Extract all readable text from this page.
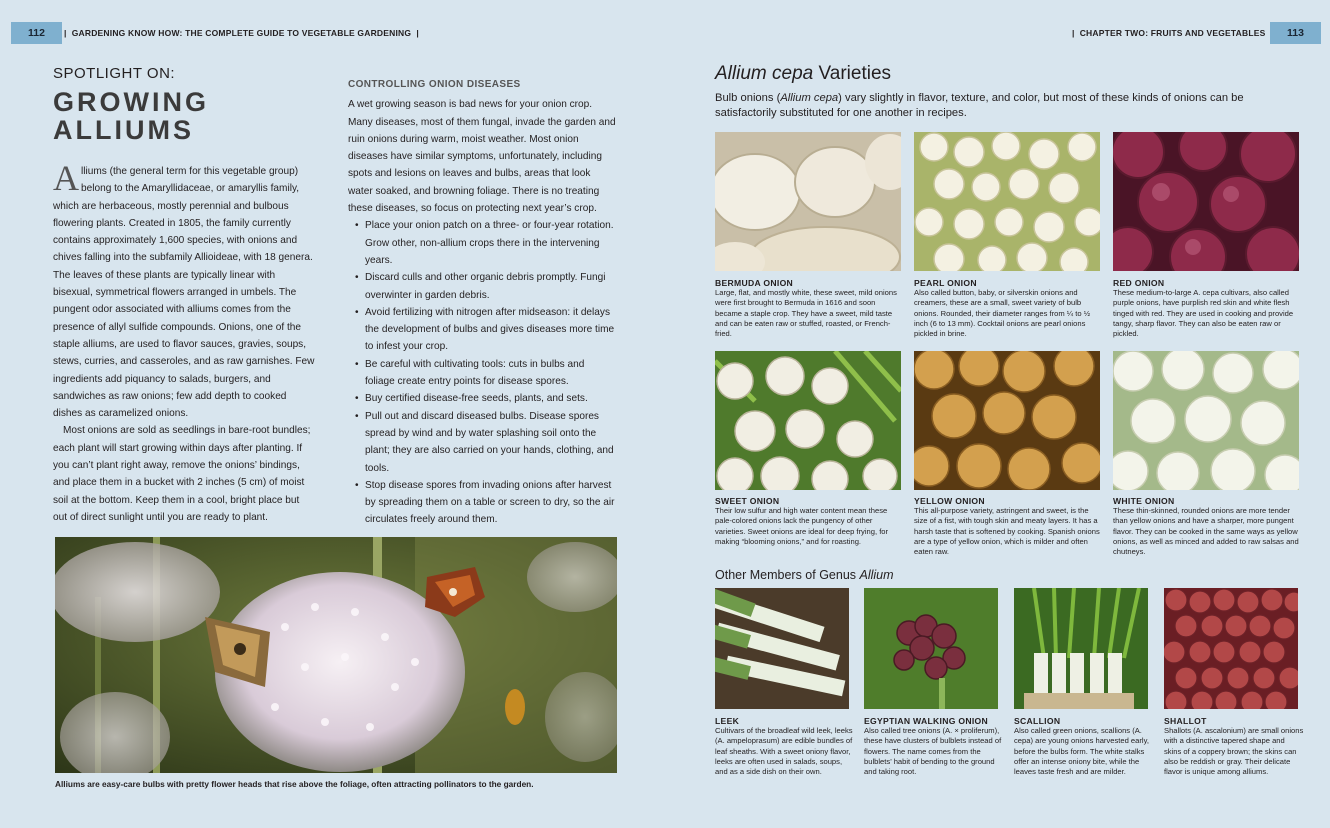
112	| GARDENING KNOW HOW: THE COMPLETE GUIDE TO VEGETABLE GARDENING |	| CHAPTER TWO: FRUITS AND VEGETABLES	113
SPOTLIGHT ON:
GROWING
ALLIUMS

Alliums (the general term for this vegetable group) belong to the Amaryllidaceae, or amaryllis family, which are herbaceous, mostly perennial and bulbous flowering plants. Created in 1805, the family currently contains approximately 1,600 species, with onions and chives falling into the subfamily Allioideae, with 18 genera. The leaves of these plants are typically linear with bisexual, symmetrical flowers arranged in umbels. The pungent odor associated with alliums comes from the presence of allyl sulfide compounds. Onions, one of the staple alliums, are used to flavor sauces, gravies, soups, stews, curries, and casseroles, and as raw garnishes. Few ingredients add piquancy to salads, burgers, and sandwiches as raw onions; few add depth to cooked dishes as caramelized onions.

Most onions are sold as seedlings in bare-root bundles; each plant will start growing within days after planting. If you can’t plant right away, remove the onions’ bindings, and place them in a bucket with 2 inches (5 cm) of moist soil at the bottom. Keep them in a cool, bright place but out of direct sunlight until you are ready to plant.

CONTROLLING ONION DISEASES

A wet growing season is bad news for your onion crop. Many diseases, most of them fungal, invade the garden and ruin onions during warm, moist weather. Most onion diseases have similar symptoms, unfortunately, including spots and lesions on leaves and bulbs, areas that look water soaked, and browning foliage. There is no treating these diseases, so focus on protecting next year’s crop.

• Place your onion patch on a three- or four-year rotation. Grow other, non-allium crops there in the intervening years.
• Discard culls and other organic debris promptly. Fungi overwinter in garden debris.
• Avoid fertilizing with nitrogen after midseason: it delays the development of bulbs and gives diseases more time to infest your crop.
• Be careful with cultivating tools: cuts in bulbs and foliage create entry points for disease spores.
• Buy certified disease-free seeds, plants, and sets.
• Pull out and discard diseased bulbs. Disease spores spread by wind and by water splashing soil onto the plant; they are also carried on your hands, clothing, and tools.
• Stop disease spores from invading onions after harvest by spreading them on a table or screen to dry, so the air circulates freely around them.
Alliums are easy-care bulbs with pretty flower heads that rise above the foliage, often attracting pollinators to the garden.
Allium cepa Varieties
Bulb onions (Allium cepa) vary slightly in flavor, texture, and color, but most of these kinds of onions can be satisfactorily substituted for one another in recipes.
BERMUDA ONION
Large, flat, and mostly white, these sweet, mild onions were first brought to Bermuda in 1616 and soon became a staple crop. They have a sweet, mild taste and can be eaten raw or stuffed, roasted, or French-fried.
PEARL ONION
Also called button, baby, or silverskin onions and creamers, these are a small, sweet variety of bulb onions. Rounded, their diameter ranges from ¼ to ½ inch (6 to 13 mm). Cocktail onions are pearl onions pickled in brine.
RED ONION
These medium-to-large A. cepa cultivars, also called purple onions, have purplish red skin and white flesh tinged with red. They are used in cooking and provide tangy, sharp flavor. They can also be eaten raw or pickled.
SWEET ONION
Their low sulfur and high water content mean these pale-colored onions lack the pungency of other varieties. Sweet onions are ideal for deep frying, for making “blooming onions,” and for roasting.
YELLOW ONION
This all-purpose variety, astringent and sweet, is the size of a fist, with tough skin and meaty layers. It has a harsh taste that is softened by cooking. Spanish onions are a type of yellow onion, which is milder and often eaten raw.
WHITE ONION
These thin-skinned, rounded onions are more tender than yellow onions and have a sharper, more pungent flavor. They can be cooked in the same ways as yellow onions, as well as minced and added to raw salsas and chutneys.
Other Members of Genus Allium
LEEK
Cultivars of the broadleaf wild leek, leeks (A. ampeloprasum) are edible bundles of leaf sheaths. With a sweet oniony flavor, leeks are often used in salads, soups, and as a side dish on their own.
EGYPTIAN WALKING ONION
Also called tree onions (A. × proliferum), these have clusters of bulblets instead of flowers. The name comes from the bulblets’ habit of bending to the ground and taking root.
SCALLION
Also called green onions, scallions (A. cepa) are young onions harvested early, before the bulbs form. The white stalks offer an intense oniony bite, while the leaves taste fresh and are milder.
SHALLOT
Shallots (A. ascalonium) are small onions with a distinctive tapered shape and skins of a coppery brown; the skins can also be reddish or gray. Their delicate flavor is unique among alliums.
